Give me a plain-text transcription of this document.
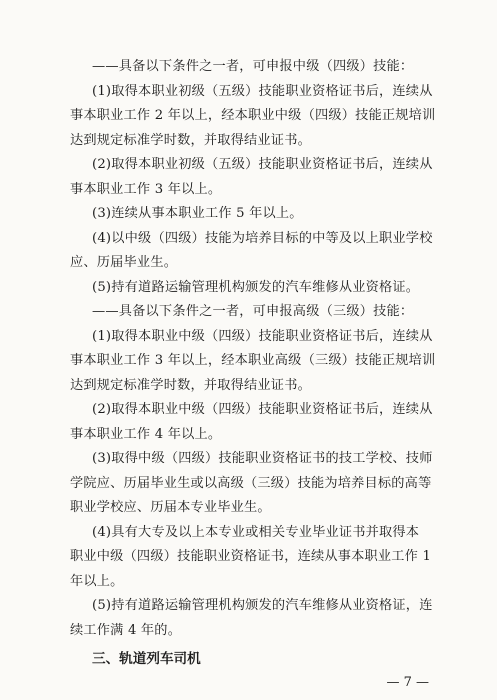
——具备以下条件之一者，可申报中级（四级）技能：
(1)取得本职业初级（五级）技能职业资格证书后，连续从
事本职业工作 2 年以上，经本职业中级（四级）技能正规培训
达到规定标准学时数，并取得结业证书。
(2)取得本职业初级（五级）技能职业资格证书后，连续从
事本职业工作 3 年以上。
(3)连续从事本职业工作 5 年以上。
(4)以中级（四级）技能为培养目标的中等及以上职业学校
应、历届毕业生。
(5)持有道路运输管理机构颁发的汽车维修从业资格证。
——具备以下条件之一者，可申报高级（三级）技能：
(1)取得本职业中级（四级）技能职业资格证书后，连续从
事本职业工作 3 年以上，经本职业高级（三级）技能正规培训
达到规定标准学时数，并取得结业证书。
(2)取得本职业中级（四级）技能职业资格证书后，连续从
事本职业工作 4 年以上。
(3)取得中级（四级）技能职业资格证书的技工学校、技师
学院应、历届毕业生或以高级（三级）技能为培养目标的高等
职业学校应、历届本专业毕业生。
(4)具有大专及以上本专业或相关专业毕业证书并取得本
职业中级（四级）技能职业资格证书，连续从事本职业工作 1
年以上。
(5)持有道路运输管理机构颁发的汽车维修从业资格证，连
续工作满 4 年的。
三、轨道列车司机
— 7 —
